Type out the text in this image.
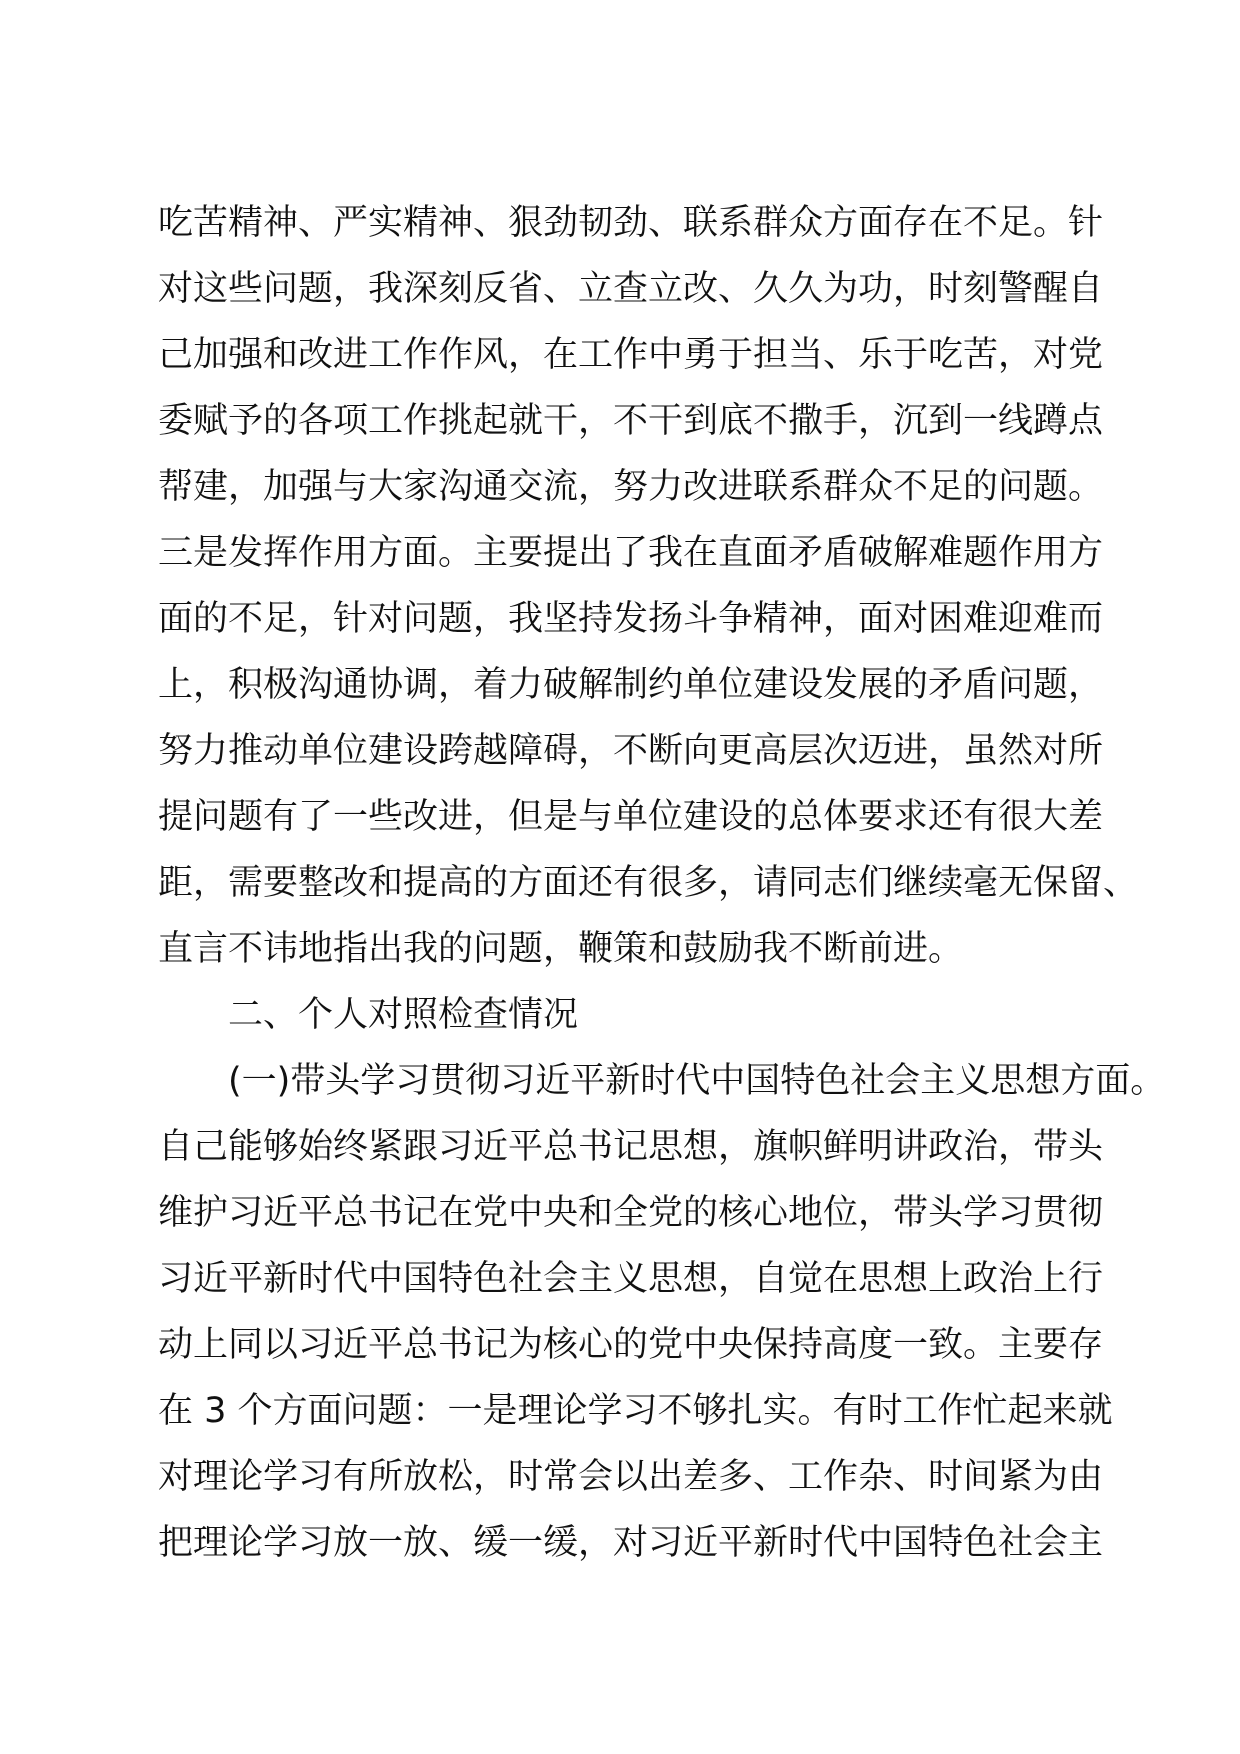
吃苦精神、严实精神、狠劲韧劲、联系群众方面存在不足。针
对这些问题，我深刻反省、立查立改、久久为功，时刻警醒自
己加强和改进工作作风，在工作中勇于担当、乐于吃苦，对党
委赋予的各项工作挑起就干，不干到底不撒手，沉到一线蹲点
帮建，加强与大家沟通交流，努力改进联系群众不足的问题。
三是发挥作用方面。主要提出了我在直面矛盾破解难题作用方
面的不足，针对问题，我坚持发扬斗争精神，面对困难迎难而
上，积极沟通协调，着力破解制约单位建设发展的矛盾问题，
努力推动单位建设跨越障碍，不断向更高层次迈进，虽然对所
提问题有了一些改进，但是与单位建设的总体要求还有很大差
距，需要整改和提高的方面还有很多，请同志们继续毫无保留、
直言不讳地指出我的问题，鞭策和鼓励我不断前进。
二、个人对照检查情况
(一)带头学习贯彻习近平新时代中国特色社会主义思想方面。
自己能够始终紧跟习近平总书记思想，旗帜鲜明讲政治，带头
维护习近平总书记在党中央和全党的核心地位，带头学习贯彻
习近平新时代中国特色社会主义思想，自觉在思想上政治上行
动上同以习近平总书记为核心的党中央保持高度一致。主要存
在 3 个方面问题：一是理论学习不够扎实。有时工作忙起来就
对理论学习有所放松，时常会以出差多、工作杂、时间紧为由
把理论学习放一放、缓一缓，对习近平新时代中国特色社会主
